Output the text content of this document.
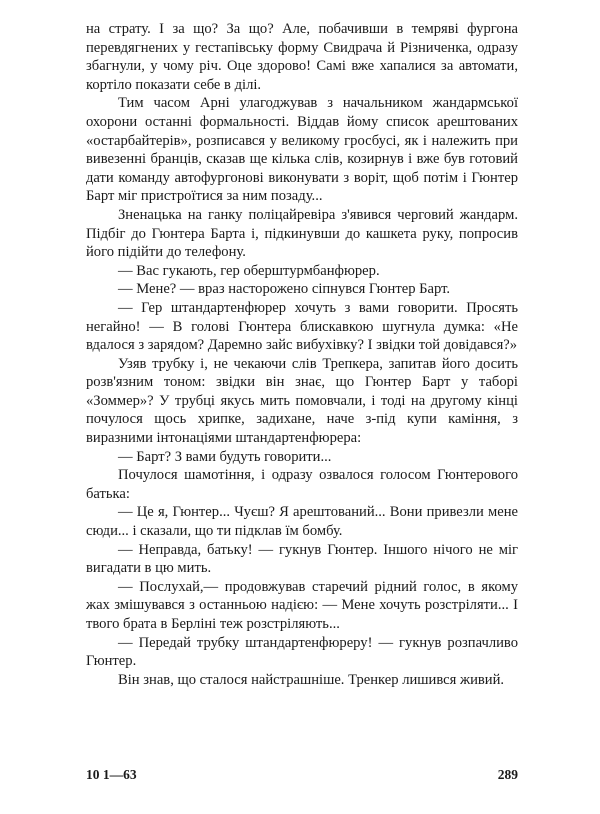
на страту. І за що? За що? Але, побачивши в темряві фургона перевдягнених у гестапівську форму Свидрача й Різниченка, одразу збагнули, у чому річ. Оце здорово! Самі вже хапалися за автомати, кортіло показати себе в ділі.

Тим часом Арні улагоджував з начальником жандармської охорони останні формальності. Віддав йому список арештованих «остарбайтерів», розписався у великому гросбусі, як і належить при вивезенні бранців, сказав ще кілька слів, козирнув і вже був готовий дати команду автофургонові виконувати з воріт, щоб потім і Гюнтер Барт міг пристроїтися за ним позаду...

Зненацька на ганку поліцайревіра з'явився черговий жандарм. Підбіг до Гюнтера Барта і, підкинувши до кашкета руку, попросив його підійти до телефону.

— Вас гукають, гер оберштурмбанфюрер.

— Мене? — враз насторожено сіпнувся Гюнтер Барт.

— Гер штандартенфюрер хочуть з вами говорити. Просять негайно! — В голові Гюнтера блискавкою шугнула думка: «Не вдалося з зарядом? Даремно зайс вибухівку? І звідки той довідався?»

Узяв трубку і, не чекаючи слів Трепкера, запитав його досить розв'язним тоном: звідки він знає, що Гюнтер Барт у таборі «Зоммер»? У трубці якусь мить помовчали, і тоді на другому кінці почулося щось хрипке, задихане, наче з-під купи каміння, з виразними інтонаціями штандартенфюрера:

— Барт? З вами будуть говорити...

Почулося шамотіння, і одразу озвалося голосом Гюнтерового батька:

— Це я, Гюнтер... Чуєш? Я арештований... Вони привезли мене сюди... і сказали, що ти підклав їм бомбу.

— Неправда, батьку! — гукнув Гюнтер. Іншого нічого не міг вигадати в цю мить.

— Послухай,— продовжував старечий рідний голос, в якому жах змішувався з останньою надією: — Мене хочуть розстріляти... І твого брата в Берліні теж розстріляють...

— Передай трубку штандартенфюреру! — гукнув розпачливо Гюнтер.

Він знав, що сталося найстрашніше. Тренкер лишився живий.

10 1—63	289
